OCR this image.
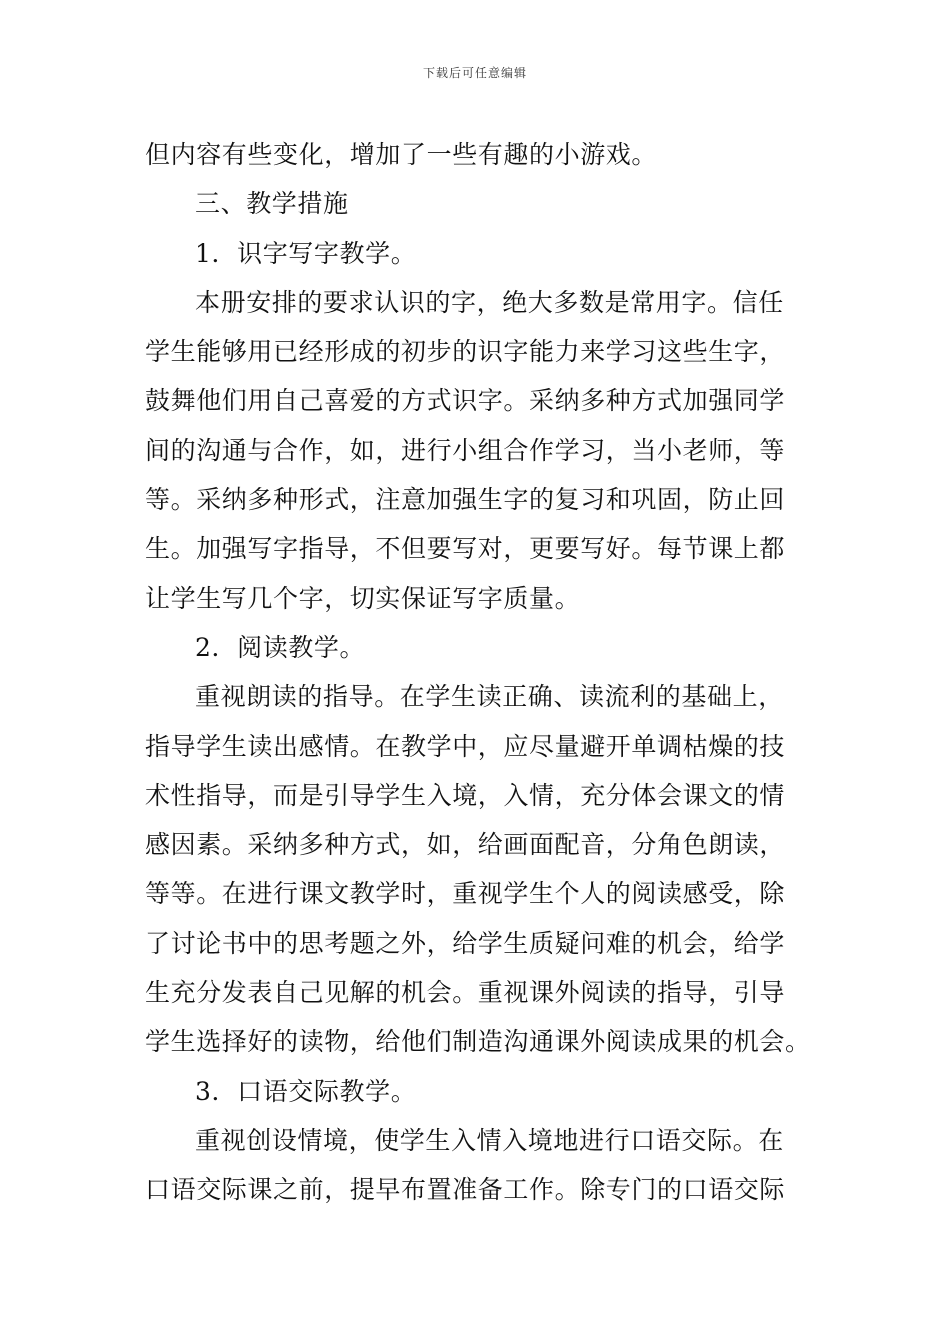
下载后可任意编辑
但内容有些变化，增加了一些有趣的小游戏。
三、教学措施
1．识字写字教学。
本册安排的要求认识的字，绝大多数是常用字。信任
学生能够用已经形成的初步的识字能力来学习这些生字，
鼓舞他们用自己喜爱的方式识字。采纳多种方式加强同学
间的沟通与合作，如，进行小组合作学习，当小老师，等
等。采纳多种形式，注意加强生字的复习和巩固，防止回
生。加强写字指导，不但要写对，更要写好。每节课上都
让学生写几个字，切实保证写字质量。
2．阅读教学。
重视朗读的指导。在学生读正确、读流利的基础上，
指导学生读出感情。在教学中，应尽量避开单调枯燥的技
术性指导，而是引导学生入境，入情，充分体会课文的情
感因素。采纳多种方式，如，给画面配音，分角色朗读，
等等。在进行课文教学时，重视学生个人的阅读感受，除
了讨论书中的思考题之外，给学生质疑问难的机会，给学
生充分发表自己见解的机会。重视课外阅读的指导，引导
学生选择好的读物，给他们制造沟通课外阅读成果的机会。
3．口语交际教学。
重视创设情境，使学生入情入境地进行口语交际。在
口语交际课之前，提早布置准备工作。除专门的口语交际
